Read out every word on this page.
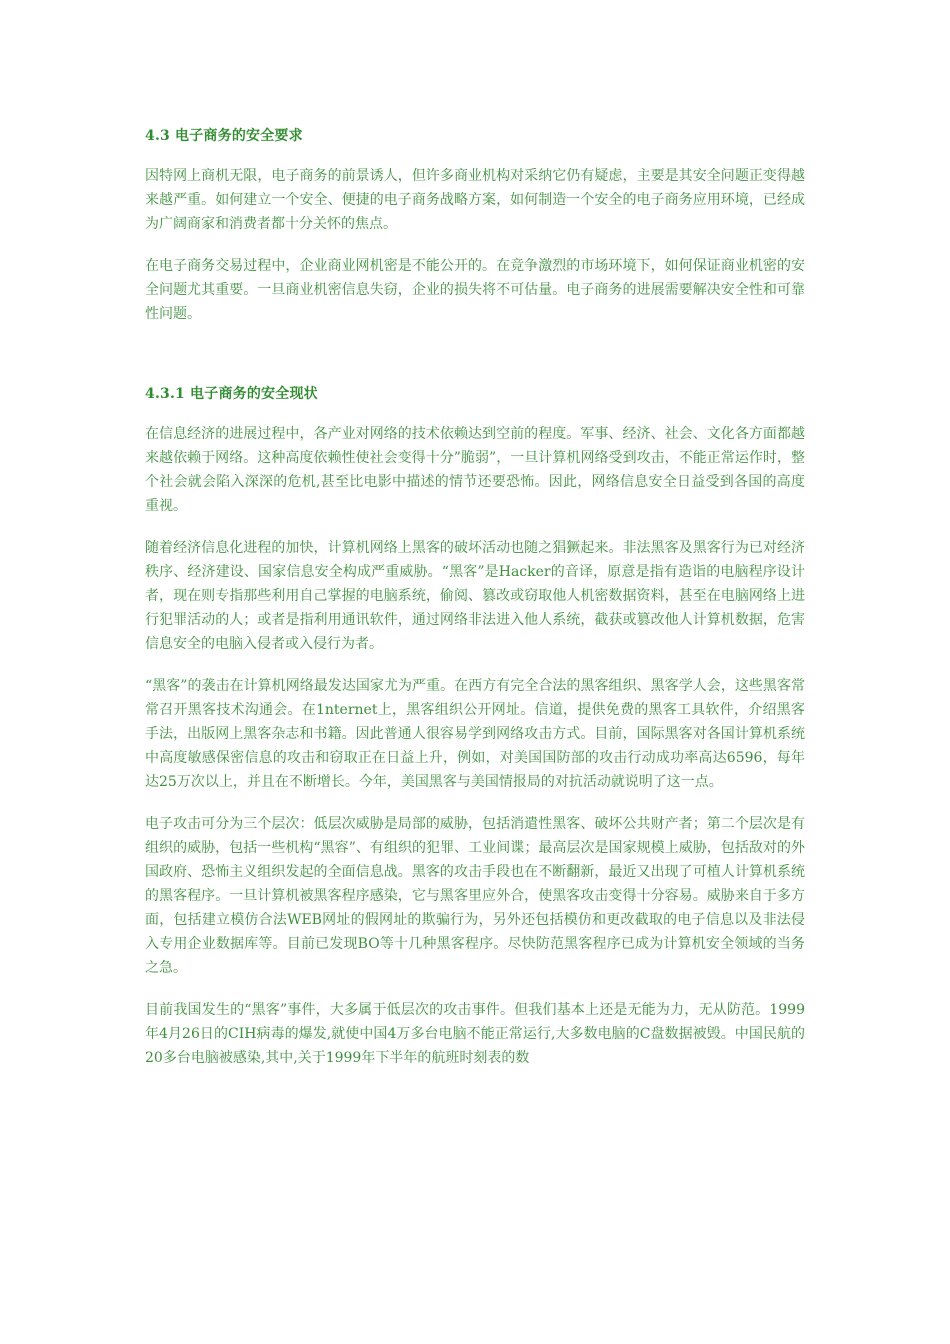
4.3 电子商务的安全要求

因特网上商机无限，电子商务的前景诱人，但许多商业机构对采纳它仍有疑虑，主要是其安全问题正变得越来越严重。如何建立一个安全、便捷的电子商务战略方案，如何制造一个安全的电子商务应用环境，已经成为广阔商家和消费者都十分关怀的焦点。

在电子商务交易过程中，企业商业网机密是不能公开的。在竞争激烈的市场环境下，如何保证商业机密的安全问题尤其重要。一旦商业机密信息失窃，企业的损失将不可估量。电子商务的进展需要解决安全性和可靠性问题。

4.3.1 电子商务的安全现状

在信息经济的进展过程中，各产业对网络的技术依赖达到空前的程度。军事、经济、社会、文化各方面都越来越依赖于网络。这种高度依赖性使社会变得十分”脆弱”，一旦计算机网络受到攻击，不能正常运作时，整个社会就会陷入深深的危机,甚至比电影中描述的情节还要恐怖。因此，网络信息安全日益受到各国的高度重视。

随着经济信息化进程的加快，计算机网络上黑客的破坏活动也随之猖獗起来。非法黑客及黑客行为已对经济秩序、经济建设、国家信息安全构成严重威胁。“黑客”是Hacker的音译，原意是指有造诣的电脑程序设计者，现在则专指那些利用自己掌握的电脑系统，偷阅、篡改或窃取他人机密数据资料，甚至在电脑网络上进行犯罪活动的人；或者是指利用通讯软件，通过网络非法进入他人系统，截获或篡改他人计算机数据，危害信息安全的电脑入侵者或入侵行为者。

“黑客”的袭击在计算机网络最发达国家尤为严重。在西方有完全合法的黑客组织、黑客学人会，这些黑客常常召开黑客技术沟通会。在1nternet上，黑客组织公开网址。信道，提供免费的黑客工具软件，介绍黑客手法，出版网上黑客杂志和书籍。因此普通人很容易学到网络攻击方式。目前，国际黑客对各国计算机系统中高度敏感保密信息的攻击和窃取正在日益上升，例如，对美国国防部的攻击行动成功率高达6596，每年达25万次以上，并且在不断增长。今年，美国黑客与美国情报局的对抗活动就说明了这一点。

电子攻击可分为三个层次：低层次威胁是局部的威胁，包括消遣性黑客、破坏公共财产者；第二个层次是有组织的威胁，包括一些机构“黑容”、有组织的犯罪、工业间谍；最高层次是国家规模上威胁，包括敌对的外国政府、恐怖主义组织发起的全面信息战。黑客的攻击手段也在不断翻新，最近又出现了可植人计算机系统的黑客程序。一旦计算机被黑客程序感染，它与黑客里应外合，使黑客攻击变得十分容易。威胁来自于多方面，包括建立模仿合法WEB网址的假网址的欺骗行为，另外还包括模仿和更改截取的电子信息以及非法侵入专用企业数据库等。目前已发现BO等十几种黑客程序。尽快防范黑客程序已成为计算机安全领域的当务之急。

目前我国发生的“黑客”事件，大多属于低层次的攻击事件。但我们基本上还是无能为力，无从防范。1999年4月26日的CIH病毒的爆发,就使中国4万多台电脑不能正常运行,大多数电脑的C盘数据被毁。中国民航的20多台电脑被感染,其中,关于1999年下半年的航班时刻表的数
